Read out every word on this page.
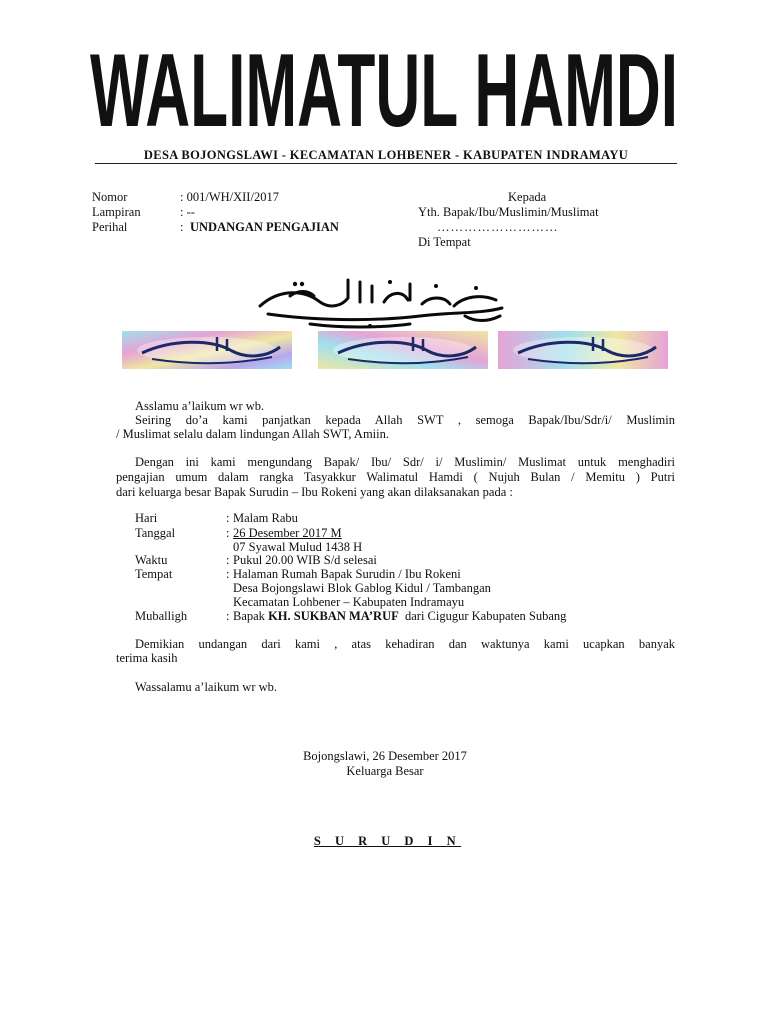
WALIMATUL HAMDI
DESA BOJONGSLAWI - KECAMATAN LOHBENER - KABUPATEN INDRAMAYU
Nomor	: 001/WH/XII/2017
Lampiran	: --
Perihal	: UNDANGAN PENGAJIAN
Kepada
Yth. Bapak/Ibu/Muslimin/Muslimat
………………………
Di Tempat
Asslamu a’laikum wr wb.
Seiring do’a kami panjatkan kepada Allah SWT , semoga Bapak/Ibu/Sdr/i/ Muslimin
/ Muslimat selalu dalam lindungan Allah SWT, Amiin.
Dengan ini kami mengundang Bapak/ Ibu/ Sdr/ i/ Muslimin/ Muslimat untuk menghadiri
pengajian umum dalam rangka Tasyakkur Walimatul Hamdi ( Nujuh Bulan / Memitu ) Putri
dari keluarga besar Bapak Surudin – Ibu Rokeni yang akan dilaksanakan pada :
Hari	: Malam Rabu
Tanggal	: 26 Desember 2017 M
07 Syawal Mulud 1438 H
Waktu	: Pukul 20.00 WIB S/d selesai
Tempat	: Halaman Rumah Bapak Surudin / Ibu Rokeni
Desa Bojongslawi Blok Gablog Kidul / Tambangan
Kecamatan Lohbener – Kabupaten Indramayu
Muballigh	: Bapak KH. SUKBAN MA’RUF dari Cigugur Kabupaten Subang
Demikian undangan dari kami , atas kehadiran dan waktunya kami ucapkan banyak
terima kasih
Wassalamu a’laikum wr wb.
Bojongslawi, 26 Desember 2017
Keluarga Besar
S U R U D I N
